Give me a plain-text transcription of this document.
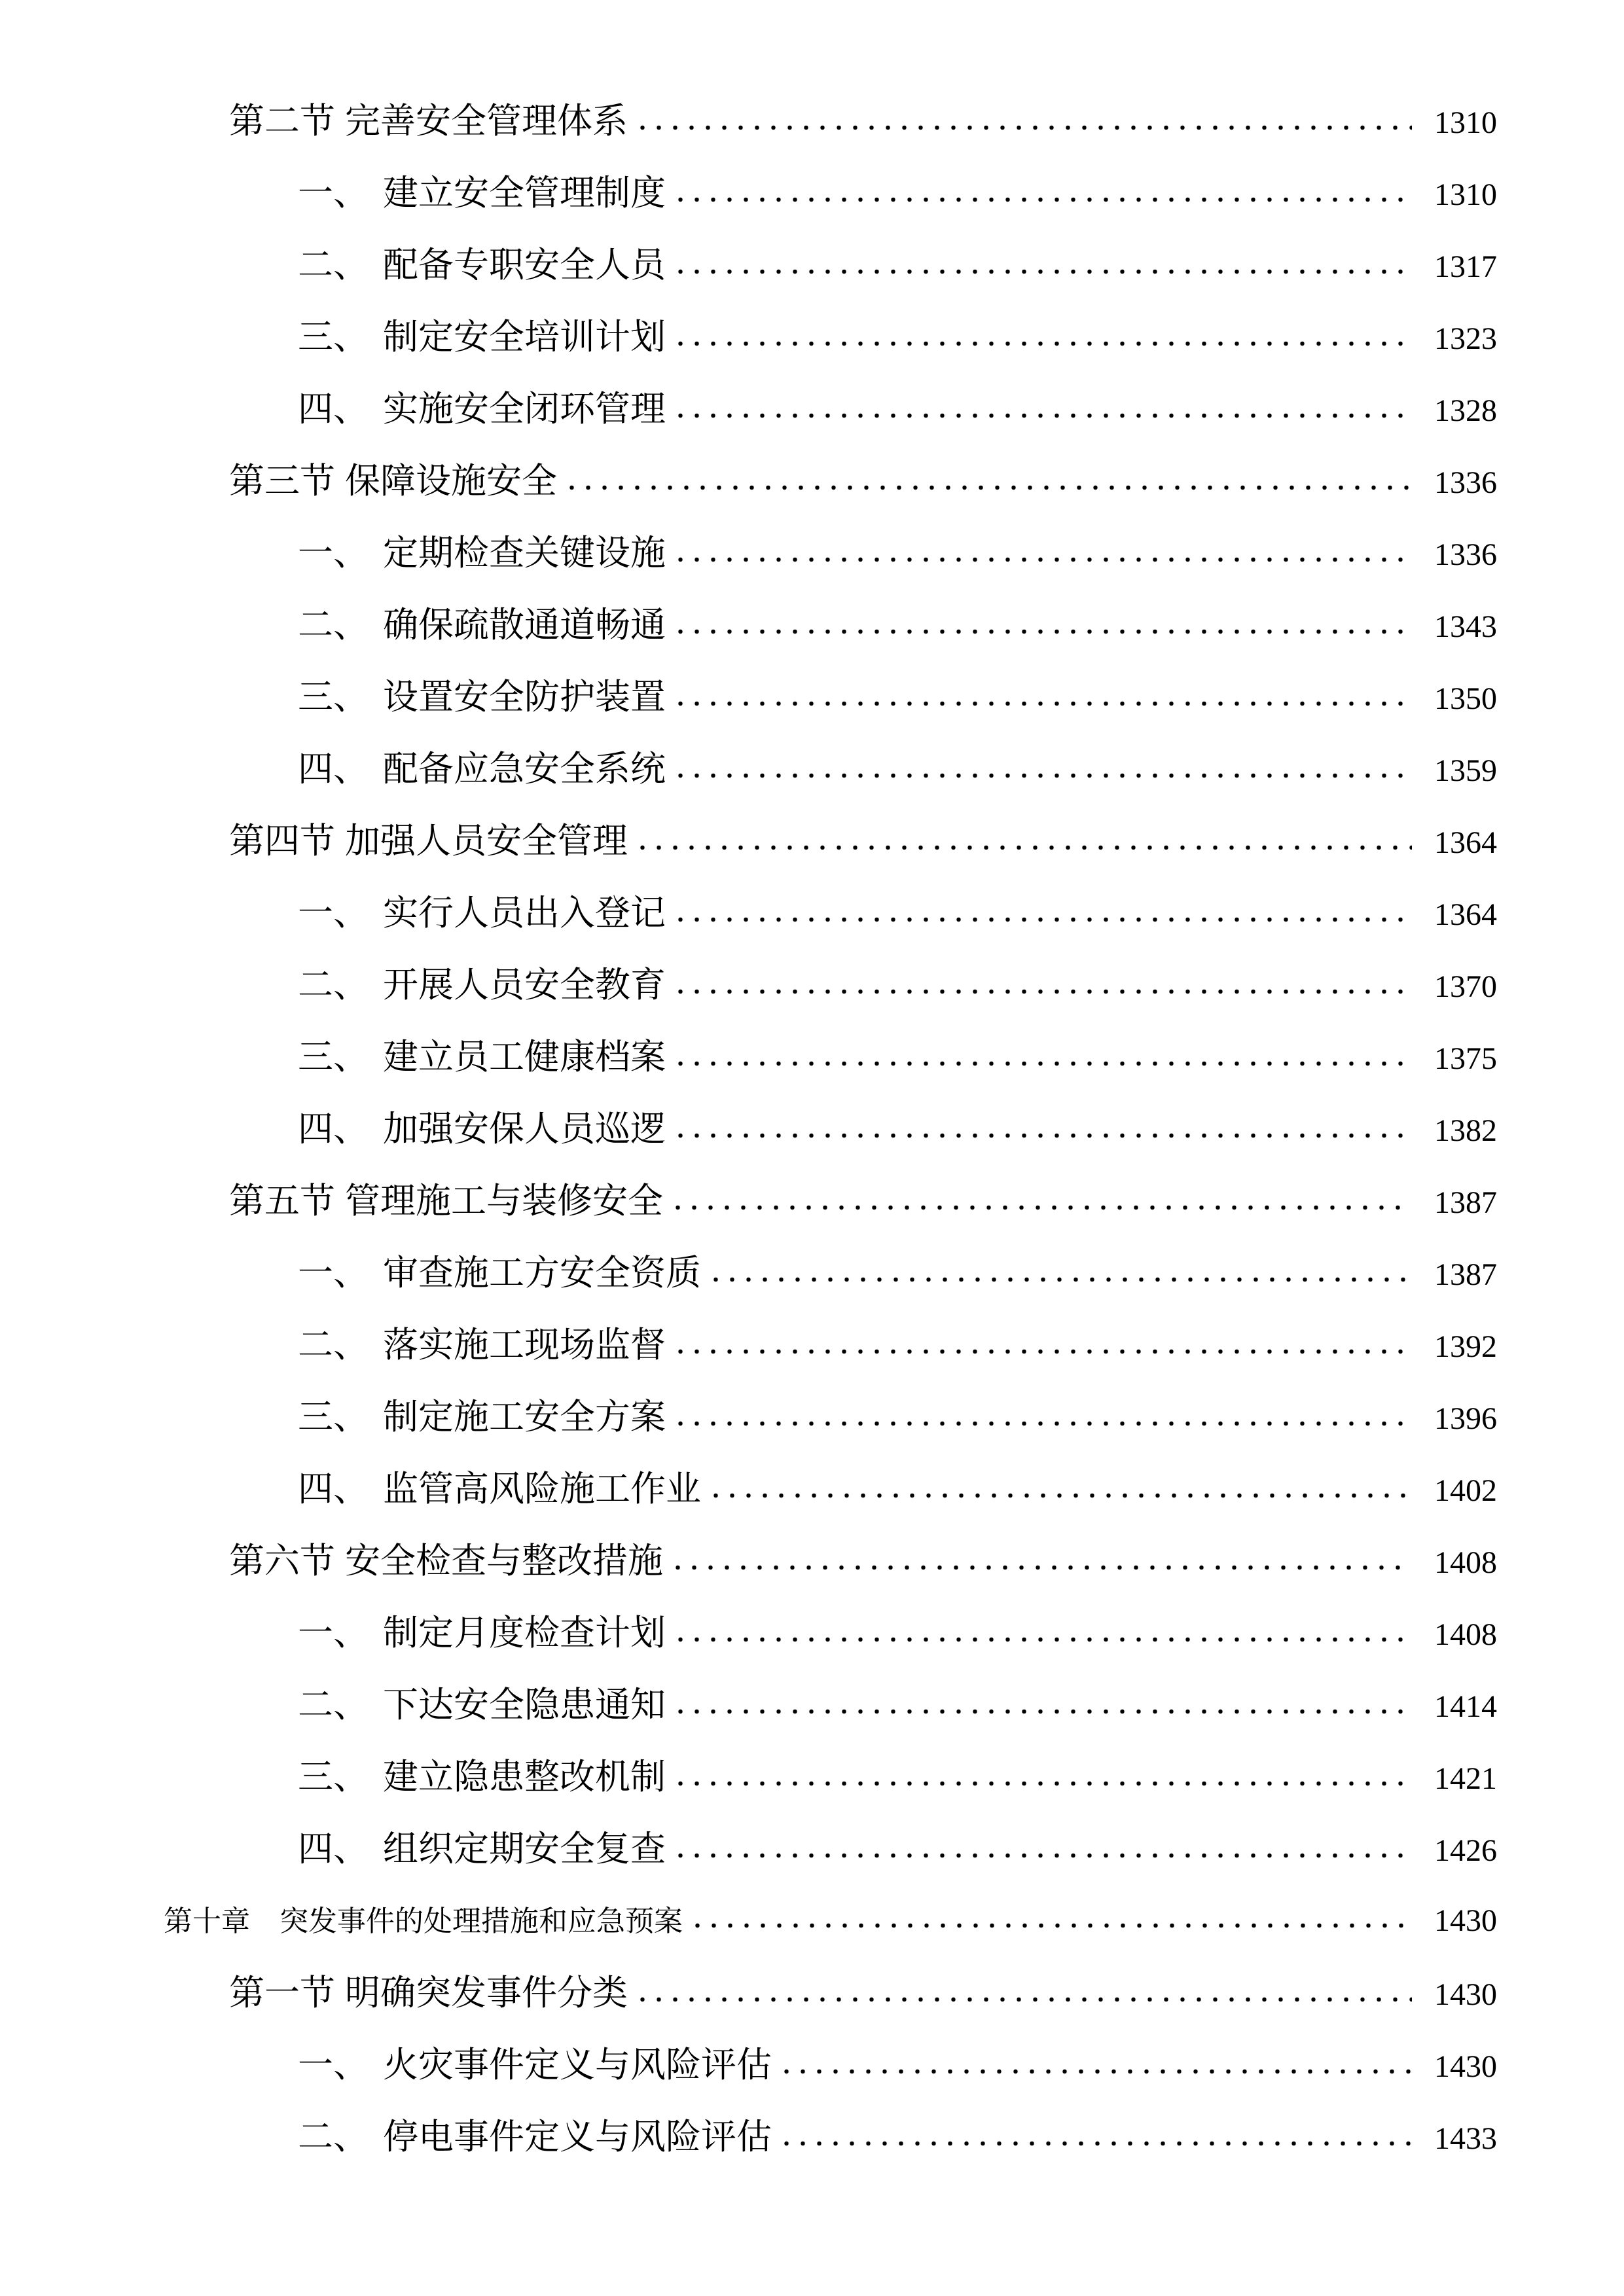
第二节 完善安全管理体系	1310
一、 建立安全管理制度	1310
二、 配备专职安全人员	1317
三、 制定安全培训计划	1323
四、 实施安全闭环管理	1328
第三节 保障设施安全	1336
一、 定期检查关键设施	1336
二、 确保疏散通道畅通	1343
三、 设置安全防护装置	1350
四、 配备应急安全系统	1359
第四节 加强人员安全管理	1364
一、 实行人员出入登记	1364
二、 开展人员安全教育	1370
三、 建立员工健康档案	1375
四、 加强安保人员巡逻	1382
第五节 管理施工与装修安全	1387
一、 审查施工方安全资质	1387
二、 落实施工现场监督	1392
三、 制定施工安全方案	1396
四、 监管高风险施工作业	1402
第六节 安全检查与整改措施	1408
一、 制定月度检查计划	1408
二、 下达安全隐患通知	1414
三、 建立隐患整改机制	1421
四、 组织定期安全复查	1426
第十章 突发事件的处理措施和应急预案	1430
第一节 明确突发事件分类	1430
一、 火灾事件定义与风险评估	1430
二、 停电事件定义与风险评估	1433
